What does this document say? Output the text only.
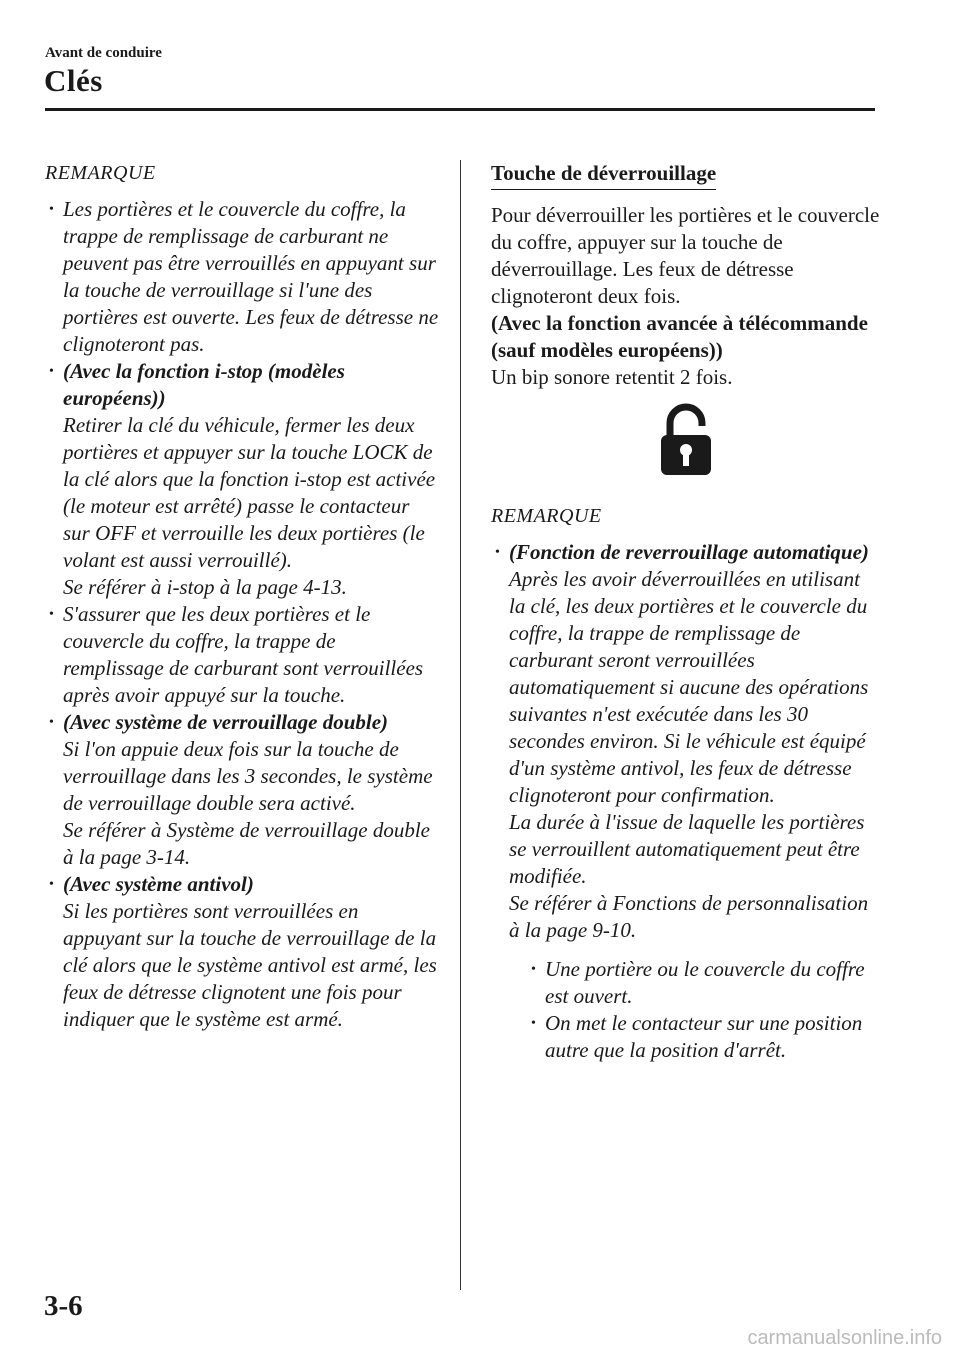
Avant de conduire
Clés

REMARQUE

• Les portières et le couvercle du coffre, la trappe de remplissage de carburant ne peuvent pas être verrouillés en appuyant sur la touche de verrouillage si l'une des portières est ouverte. Les feux de détresse ne clignoteront pas.
• (Avec la fonction i-stop (modèles européens))
Retirer la clé du véhicule, fermer les deux portières et appuyer sur la touche LOCK de la clé alors que la fonction i-stop est activée (le moteur est arrêté) passe le contacteur sur OFF et verrouille les deux portières (le volant est aussi verrouillé).
Se référer à i-stop à la page 4-13.
• S'assurer que les deux portières et le couvercle du coffre, la trappe de remplissage de carburant sont verrouillées après avoir appuyé sur la touche.
• (Avec système de verrouillage double)
Si l'on appuie deux fois sur la touche de verrouillage dans les 3 secondes, le système de verrouillage double sera activé.
Se référer à Système de verrouillage double à la page 3-14.
• (Avec système antivol)
Si les portières sont verrouillées en appuyant sur la touche de verrouillage de la clé alors que le système antivol est armé, les feux de détresse clignotent une fois pour indiquer que le système est armé.
Touche de déverrouillage

Pour déverrouiller les portières et le couvercle du coffre, appuyer sur la touche de déverrouillage. Les feux de détresse clignoteront deux fois.

(Avec la fonction avancée à télécommande (sauf modèles européens))

Un bip sonore retentit 2 fois.

REMARQUE

• (Fonction de reverrouillage automatique)
Après les avoir déverrouillées en utilisant la clé, les deux portières et le couvercle du coffre, la trappe de remplissage de carburant seront verrouillées automatiquement si aucune des opérations suivantes n'est exécutée dans les 30 secondes environ. Si le véhicule est équipé d'un système antivol, les feux de détresse clignoteront pour confirmation.
La durée à l'issue de laquelle les portières se verrouillent automatiquement peut être modifiée.
Se référer à Fonctions de personnalisation à la page 9-10.
• Une portière ou le couvercle du coffre est ouvert.
• On met le contacteur sur une position autre que la position d'arrêt.
3-6
carmanualsonline.info
